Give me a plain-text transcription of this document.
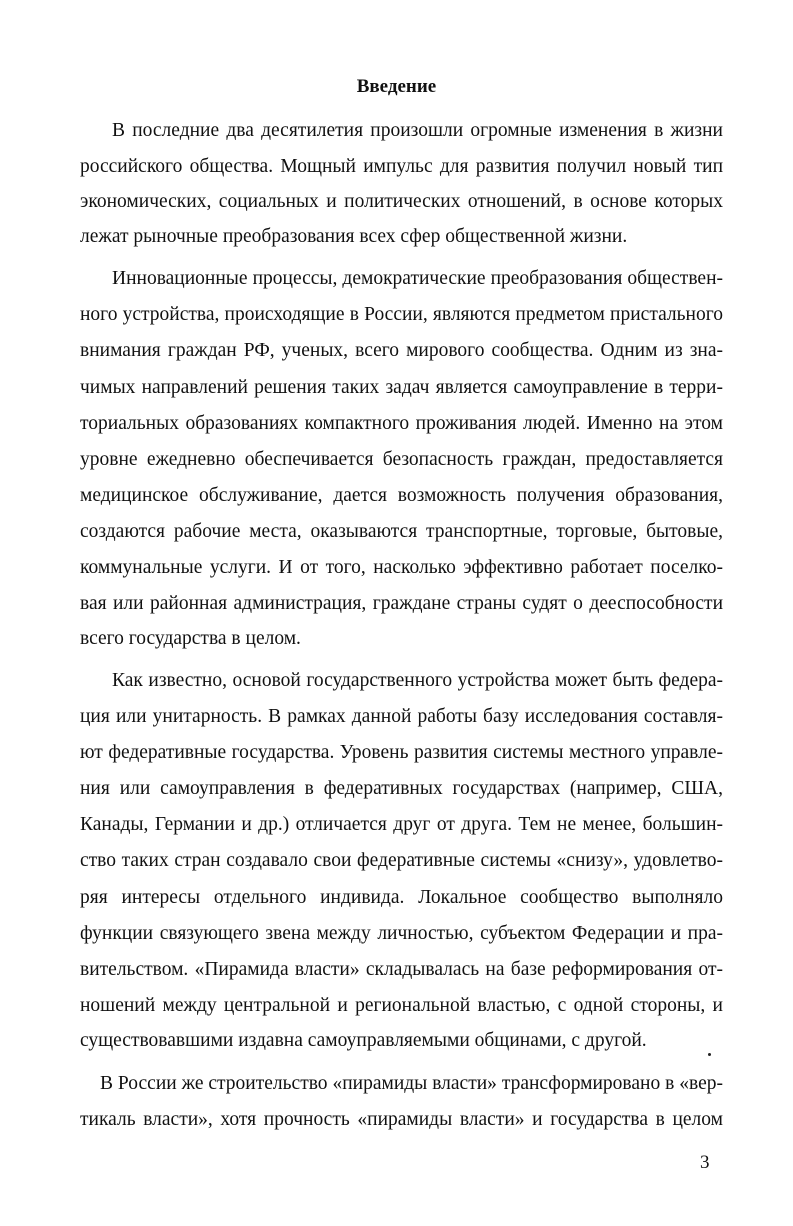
Введение
В последние два десятилетия произошли огромные изменения в жизни
российского общества. Мощный импульс для развития получил новый тип
экономических, социальных и политических отношений, в основе которых
лежат рыночные преобразования всех сфер общественной жизни.
Инновационные процессы, демократические преобразования обществен-
ного устройства, происходящие в России, являются предметом пристального
внимания граждан РФ, ученых, всего мирового сообщества. Одним из зна-
чимых направлений решения таких задач является самоуправление в терри-
ториальных образованиях компактного проживания людей. Именно на этом
уровне ежедневно обеспечивается безопасность граждан, предоставляется
медицинское обслуживание, дается возможность получения образования,
создаются рабочие места, оказываются транспортные, торговые, бытовые,
коммунальные услуги. И от того, насколько эффективно работает поселко-
вая или районная администрация, граждане страны судят о дееспособности
всего государства в целом.
Как известно, основой государственного устройства может быть федера-
ция или унитарность. В рамках данной работы базу исследования составля-
ют федеративные государства. Уровень развития системы местного управле-
ния или самоуправления в федеративных государствах (например, США,
Канады, Германии и др.) отличается друг от друга. Тем не менее, большин-
ство таких стран создавало свои федеративные системы «снизу», удовлетво-
ряя интересы отдельного индивида. Локальное сообщество выполняло
функции связующего звена между личностью, субъектом Федерации и пра-
вительством. «Пирамида власти» складывалась на базе реформирования от-
ношений между центральной и региональной властью, с одной стороны, и
существовавшими издавна самоуправляемыми общинами, с другой.
В России же строительство «пирамиды власти» трансформировано в «вер-
тикаль власти», хотя прочность «пирамиды власти» и государства в целом
3
